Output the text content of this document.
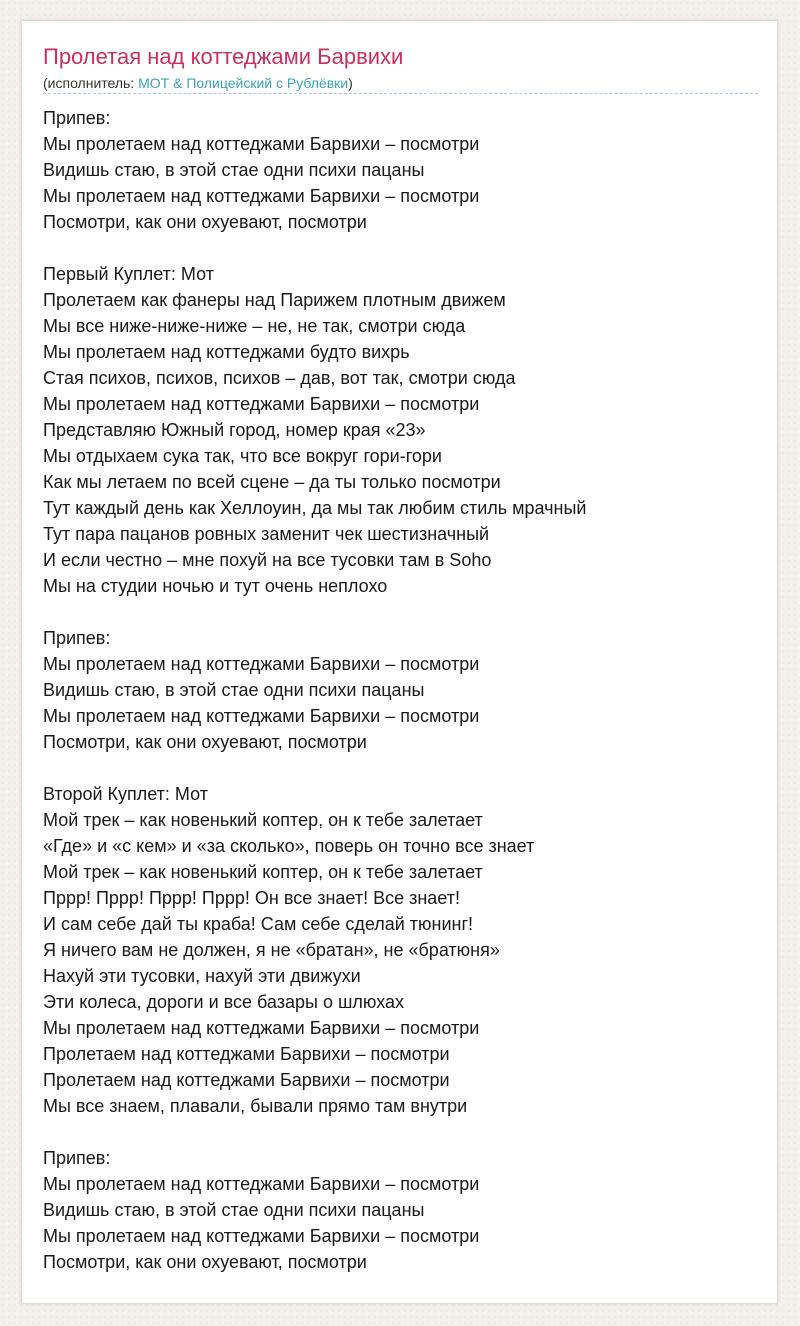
Пролетая над коттеджами Барвихи
(исполнитель: МОТ & Полицейский с Рублёвки)
Припев:
Мы пролетаем над коттеджами Барвихи – посмотри
Видишь стаю, в этой стае одни психи пацаны
Мы пролетаем над коттеджами Барвихи – посмотри
Посмотри, как они охуевают, посмотри
Первый Куплет: Мот
Пролетаем как фанеры над Парижем плотным движем
Мы все ниже-ниже-ниже – не, не так, смотри сюда
Мы пролетаем над коттеджами будто вихрь
Стая психов, психов, психов – дав, вот так, смотри сюда
Мы пролетаем над коттеджами Барвихи – посмотри
Представляю Южный город, номер края «23»
Мы отдыхаем сука так, что все вокруг гори-гори
Как мы летаем по всей сцене – да ты только посмотри
Тут каждый день как Хеллоуин, да мы так любим стиль мрачный
Тут пара пацанов ровных заменит чек шестизначный
И если честно – мне похуй на все тусовки там в Soho
Мы на студии ночью и тут очень неплохо
Припев:
Мы пролетаем над коттеджами Барвихи – посмотри
Видишь стаю, в этой стае одни психи пацаны
Мы пролетаем над коттеджами Барвихи – посмотри
Посмотри, как они охуевают, посмотри
Второй Куплет: Мот
Мой трек – как новенький коптер, он к тебе залетает
«Где» и «с кем» и «за сколько», поверь он точно все знает
Мой трек – как новенький коптер, он к тебе залетает
Пррр! Пррр! Пррр! Пррр! Он все знает! Все знает!
И сам себе дай ты краба! Сам себе сделай тюнинг!
Я ничего вам не должен, я не «братан», не «братюня»
Нахуй эти тусовки, нахуй эти движухи
Эти колеса, дороги и все базары о шлюхах
Мы пролетаем над коттеджами Барвихи – посмотри
Пролетаем над коттеджами Барвихи – посмотри
Пролетаем над коттеджами Барвихи – посмотри
Мы все знаем, плавали, бывали прямо там внутри
Припев:
Мы пролетаем над коттеджами Барвихи – посмотри
Видишь стаю, в этой стае одни психи пацаны
Мы пролетаем над коттеджами Барвихи – посмотри
Посмотри, как они охуевают, посмотри
